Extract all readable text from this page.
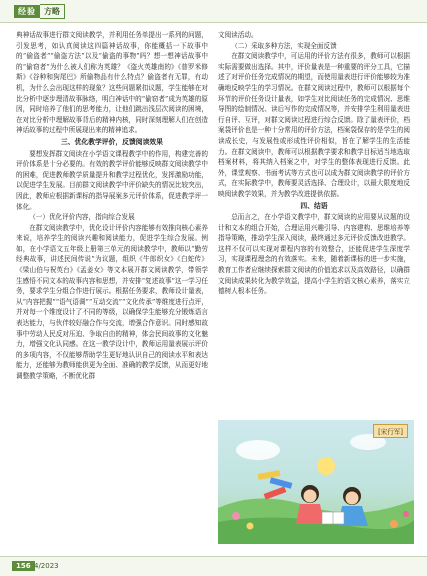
经验	方略

典神话故事进行群文阅读教学，并利用任务单提出一系列的问题，引发思考，如认真阅读这四篇神话故事，你能概括一下故事中的“偷盗者”“偷盗方法”以及“偷盗的事物”吗？想一想神话故事中的“偷窃者”为什么被人们称为英雄？《盗火英雄南的》《普罗米修斯》《谷种和狗尾巴》所偷物品有什么特点？偷盗者有无罪，有动机，为什么会出现这样的现象？这些问题紧扣议题，学生能够在对比分析中逐步理清故事脉络，明白神话中的“偷窃者”成为英雄的原因，同时培养了他们的思考能力，让他们跳出浅层次阅读的困境，在对比分析中理解故事背后的精神内核，同时深刻理解人们在创造神话故事的过程中所展现出来的精神追求。

三、优化教学评价，反馈阅读效果

要想发挥群文阅读在小学语文课程教学中的作用，构建完善的评价体系是十分必要的。有效的教学评价能够反映群文阅读教学中的困难，促进教师教学质量提升和教学过程优化，发挥激励功能，以促进学生发展。目前群文阅读教学中评价缺失的情况比较突出，因此，教师应根据新课标的指导展案多元评价体系，促进教学评一体化。

（一）优化评价内容，指向综合发展

在群文阅读教学中，优化设计评价内容能够有效推向核心素养来说，培养学生的阅读兴趣和阅读能力，促进学生综合发展。例如，在小学语文五年级上册第三单元的阅读教学中，教师以“勤劳经典故事，讲述民间传说”为议题，组织《牛郎织女》《白蛇传》《梁山伯与祝英台》《孟姜女》等文本展开群文阅读教学，带领学生感悟不同文本的故事内容和思想，并安排“复述故事”这一学习任务，要求学生分组合作进行展示。根据任务要求，教师设计量表，从“内容把握”“语气语调”“互动交流”“文化传承”等维度进行点评，并对每一个维度设计了不同的等级，以确保学生能够充分锻炼语言表达能力，与伙伴较好融合作与交流，增强合作意识。同时感知故事中劳动人民反对压迫、争取自由的精神，体会民间故事的文化魅力，增强文化认同感。在这一教学设计中，教师运用量表展示评价的多项内容，不仅能够帮助学生更好地认识自己的阅读水平和表达能力，还能够为教师能供更为全面、准确的教学反馈，从而更好地调整教学策略，不断优化群

文阅读活动。

（二）采取多种方法，实现全面反馈

在群文阅读教学中，可运用的评价方法有很多，教师可以根据实际需要做出选择。其中，评价量表是一种重要的评分工具，它描述了对评价任务完成情况的期望，而使用量表进行评价能够较为准确地反映学生的学习情况。在群文阅读过程中，教师可以根据每个环节的评价任务设计量表，如学生对比阅读任务的完成情况、思维导图的绘制情况、读后写作的完成情况等，并安排学生利用量表进行自评、互评，对群文阅读过程进行综合反馈。除了量表评价，档案袋评价也是一种十分常用的评价方法，档案袋保存的是学生的阅读成长史，与发展性或形成性评价相似，旨在了解学生的生活能力。在群文阅读中，教师可以根据教学要求和教学目标适当地选取档案材料，将其纳入档案之中，对学生的整体表现进行反馈。此外，课堂观察、书面考试等方式也可以成为群文阅读教学的评价方式，在实际教学中，教师要灵活选择、合理设计，以最大限度地反映阅读教学效果，并为教学改进提供依据。

四、结语

总而言之，在小学语文教学中，群文阅读的应用要从议题的设计和文本的组合开始，合理运用兴趣引导、内容建构、思维培养等指导策略，推动学生深入阅读，最终通过多元评价反馈改进教学。这样不仅可以实现对课程内容的有效整合，还能促进学生深度学习，实现课程理念的有效落实。未来，随着新课标的进一步实施，教育工作者应继续探索群文阅读的价值追求以及高效路径，以确群文阅读成果转化为教学效益，提高小学生的语文核心素养，落实立德树人根本任务。

[宋行军]
156 4/2023
